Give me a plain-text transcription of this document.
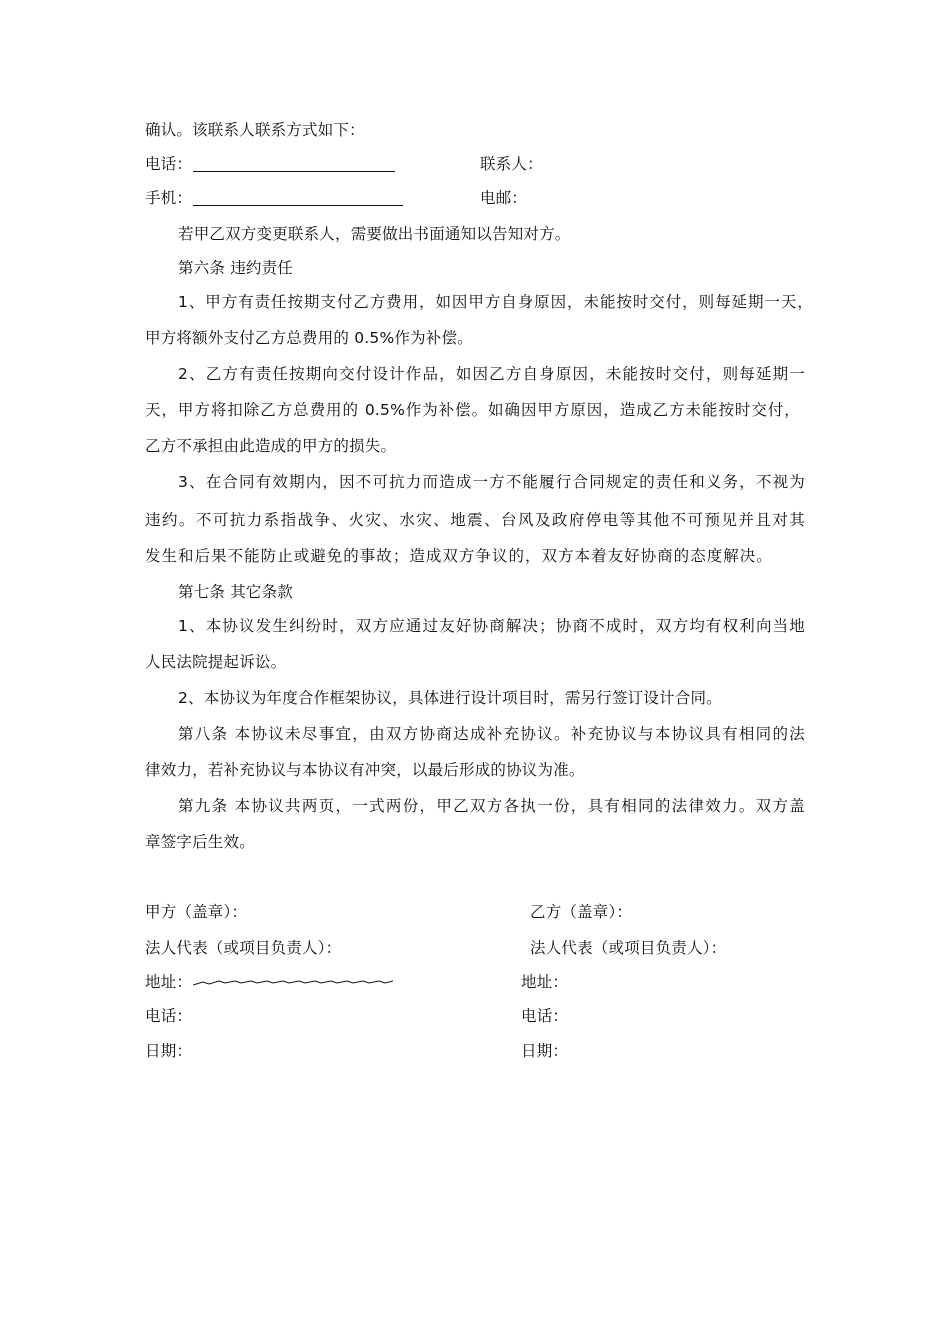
确认。该联系人联系方式如下：
电话：	联系人：
手机：	电邮：
若甲乙双方变更联系人，需要做出书面通知以告知对方。
第六条 违约责任
1、甲方有责任按期支付乙方费用，如因甲方自身原因，未能按时交付，则每延期一天，
甲方将额外支付乙方总费用的 0.5%作为补偿。
2、乙方有责任按期向交付设计作品，如因乙方自身原因，未能按时交付，则每延期一
天，甲方将扣除乙方总费用的 0.5%作为补偿。如确因甲方原因，造成乙方未能按时交付，
乙方不承担由此造成的甲方的损失。
3、在合同有效期内，因不可抗力而造成一方不能履行合同规定的责任和义务，不视为
违约。不可抗力系指战争、火灾、水灾、地震、台风及政府停电等其他不可预见并且对其
发生和后果不能防止或避免的事故；造成双方争议的，双方本着友好协商的态度解决。
第七条 其它条款
1、本协议发生纠纷时，双方应通过友好协商解决；协商不成时，双方均有权利向当地
人民法院提起诉讼。
2、本协议为年度合作框架协议，具体进行设计项目时，需另行签订设计合同。
第八条 本协议未尽事宜，由双方协商达成补充协议。补充协议与本协议具有相同的法
律效力，若补充协议与本协议有冲突，以最后形成的协议为准。
第九条 本协议共两页，一式两份，甲乙双方各执一份，具有相同的法律效力。双方盖
章签字后生效。
甲方（盖章）：
法人代表（或项目负责人）：
地址：
电话：
日期：
乙方（盖章）：
法人代表（或项目负责人）：
地址：
电话：
日期：
